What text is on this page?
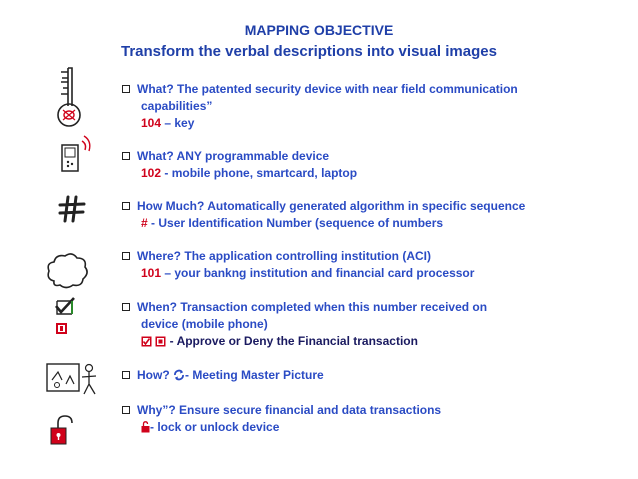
MAPPING OBJECTIVE
Transform the verbal descriptions into visual images
What? The patented security device with near field communication
capabilities”
104 – key
What? ANY programmable device
102 - mobile phone, smartcard, laptop
How Much? Automatically generated algorithm in specific sequence
# - User Identification Number (sequence of numbers
Where? The application controlling institution (ACI)
101 – your bankng institution and financial card processor
When? Transaction completed when this number received on
device (mobile phone)
- Approve or Deny the Financial transaction
How? - Meeting Master Picture
Why”? Ensure secure financial and data transactions
- lock or unlock device
